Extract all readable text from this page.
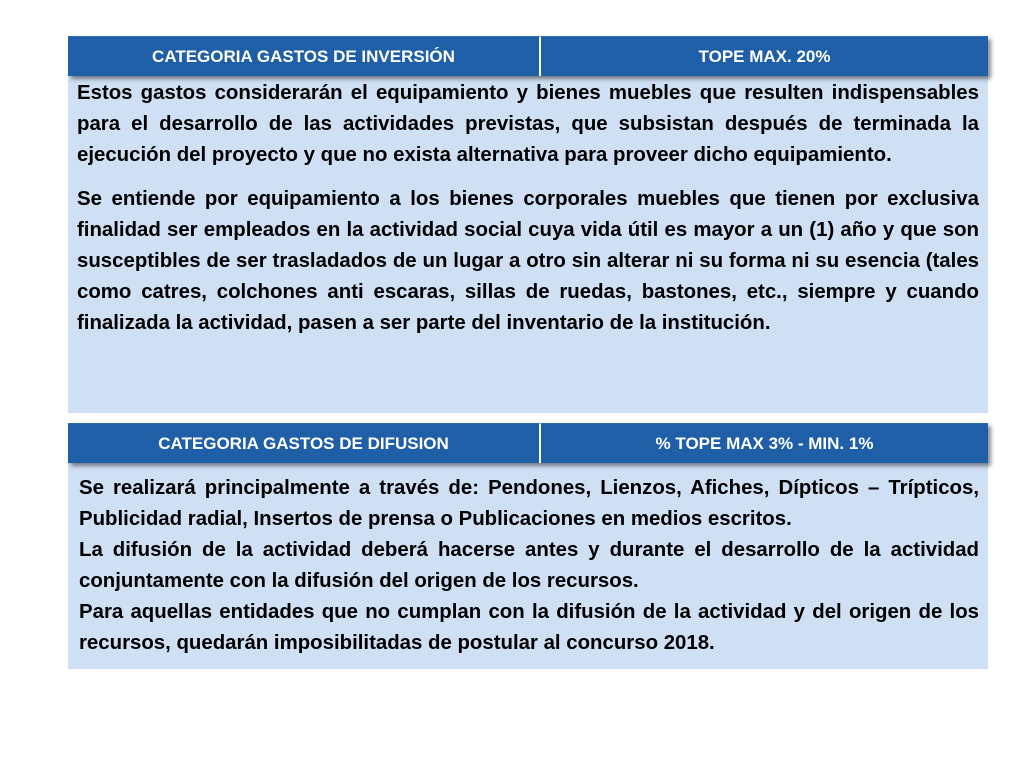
CATEGORIA GASTOS DE INVERSIÓN	TOPE MAX. 20%

Estos gastos considerarán el equipamiento y bienes muebles que resulten indispensables para el desarrollo de las actividades previstas, que subsistan después de terminada la ejecución del proyecto y que no exista alternativa para proveer dicho equipamiento.

Se entiende por equipamiento a los bienes corporales muebles que tienen por exclusiva finalidad ser empleados en la actividad social cuya vida útil es mayor a un (1) año y que son susceptibles de ser trasladados de un lugar a otro sin alterar ni su forma ni su esencia (tales como catres, colchones anti escaras, sillas de ruedas, bastones, etc., siempre y cuando finalizada la actividad, pasen a ser parte del inventario de la institución.

CATEGORIA GASTOS DE DIFUSION	% TOPE MAX 3% - MIN. 1%

Se realizará principalmente a través de: Pendones, Lienzos, Afiches, Dípticos – Trípticos, Publicidad radial, Insertos de prensa o Publicaciones en medios escritos.

La difusión de la actividad deberá hacerse antes y durante el desarrollo de la actividad conjuntamente con la difusión del origen de los recursos.

Para aquellas entidades que no cumplan con la difusión de la actividad y del origen de los recursos, quedarán imposibilitadas de postular al concurso 2018.
